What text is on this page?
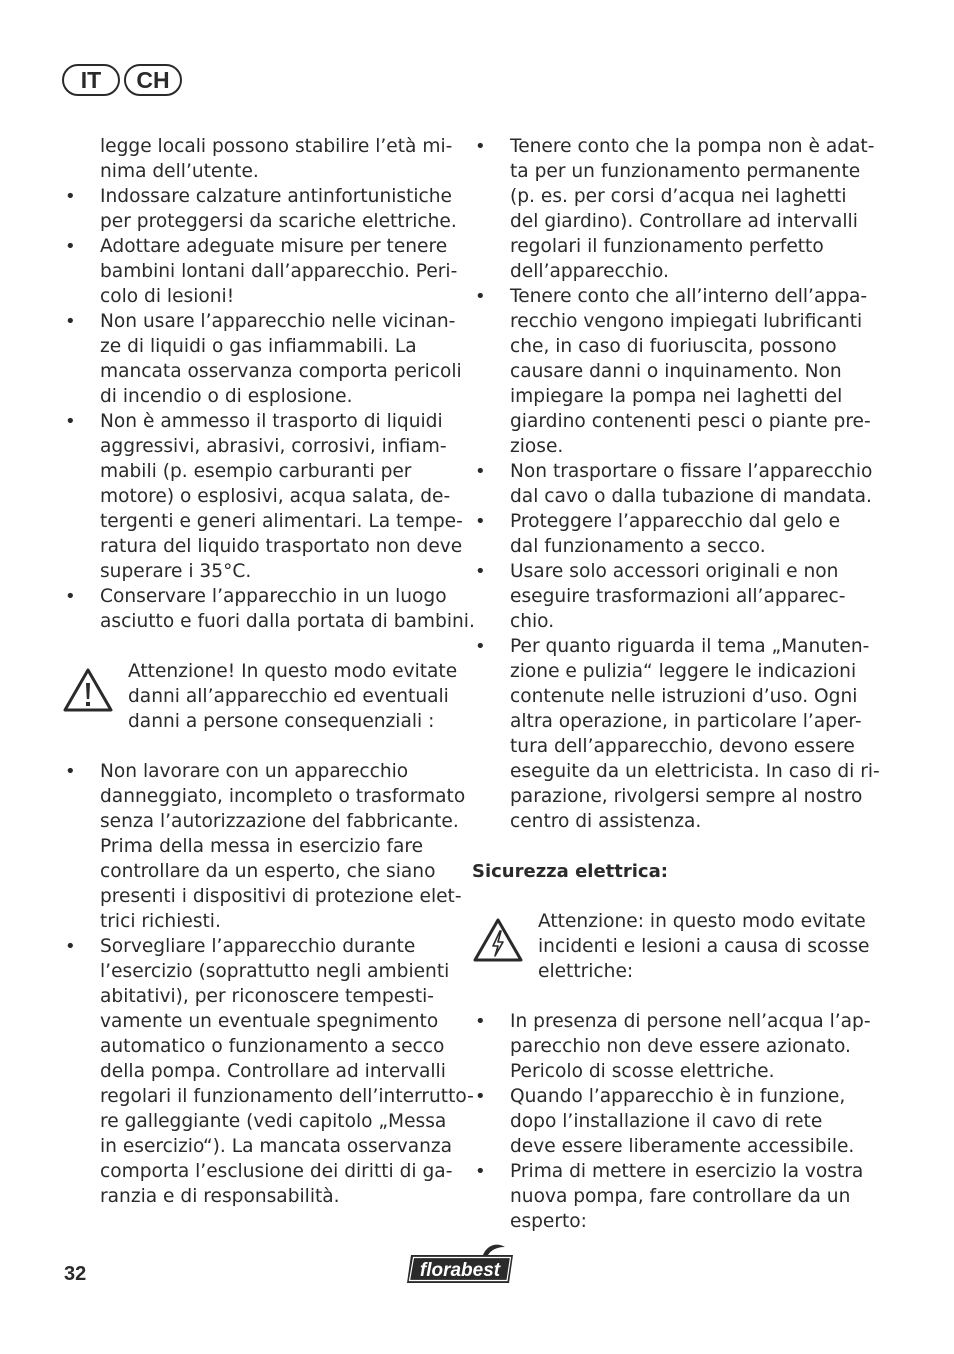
IT	CH
legge locali possono stabilire l’età mi-
nima dell’utente.
• Indossare calzature antinfortunistiche
per proteggersi da scariche elettriche.
• Adottare adeguate misure per tenere
bambini lontani dall’apparecchio. Peri-
colo di lesioni!
• Non usare l’apparecchio nelle vicinan-
ze di liquidi o gas infiammabili. La
mancata osservanza comporta pericoli
di incendio o di esplosione.
• Non è ammesso il trasporto di liquidi
aggressivi, abrasivi, corrosivi, infiam-
mabili (p. esempio carburanti per
motore) o esplosivi, acqua salata, de-
tergenti e generi alimentari. La tempe-
ratura del liquido trasportato non deve
superare i 35°C.
• Conservare l’apparecchio in un luogo
asciutto e fuori dalla portata di bambini.
Attenzione! In questo modo evitate
danni all’apparecchio ed eventuali
danni a persone consequenziali :
• Non lavorare con un apparecchio
danneggiato, incompleto o trasformato
senza l’autorizzazione del fabbricante.
Prima della messa in esercizio fare
controllare da un esperto, che siano
presenti i dispositivi di protezione elet-
trici richiesti.
• Sorvegliare l’apparecchio durante
l’esercizio (soprattutto negli ambienti
abitativi), per riconoscere tempesti-
vamente un eventuale spegnimento
automatico o funzionamento a secco
della pompa. Controllare ad intervalli
regolari il funzionamento dell’interrutto-
re galleggiante (vedi capitolo „Messa
in esercizio“). La mancata osservanza
comporta l’esclusione dei diritti di ga-
ranzia e di responsabilità.
• Tenere conto che la pompa non è adat-
ta per un funzionamento permanente
(p. es. per corsi d’acqua nei laghetti
del giardino). Controllare ad intervalli
regolari il funzionamento perfetto
dell’apparecchio.
• Tenere conto che all’interno dell’appa-
recchio vengono impiegati lubrificanti
che, in caso di fuoriuscita, possono
causare danni o inquinamento. Non
impiegare la pompa nei laghetti del
giardino contenenti pesci o piante pre-
ziose.
• Non trasportare o fissare l’apparecchio
dal cavo o dalla tubazione di mandata.
• Proteggere l’apparecchio dal gelo e
dal funzionamento a secco.
• Usare solo accessori originali e non
eseguire trasformazioni all’apparec-
chio.
• Per quanto riguarda il tema „Manuten-
zione e pulizia“ leggere le indicazioni
contenute nelle istruzioni d’uso. Ogni
altra operazione, in particolare l’aper-
tura dell’apparecchio, devono essere
eseguite da un elettricista. In caso di ri-
parazione, rivolgersi sempre al nostro
centro di assistenza.
Sicurezza elettrica:
Attenzione: in questo modo evitate
incidenti e lesioni a causa di scosse
elettriche:
• In presenza di persone nell’acqua l’ap-
parecchio non deve essere azionato.
Pericolo di scosse elettriche.
• Quando l’apparecchio è in funzione,
dopo l’installazione il cavo di rete
deve essere liberamente accessibile.
• Prima di mettere in esercizio la vostra
nuova pompa, fare controllare da un
esperto:
32	florabest
